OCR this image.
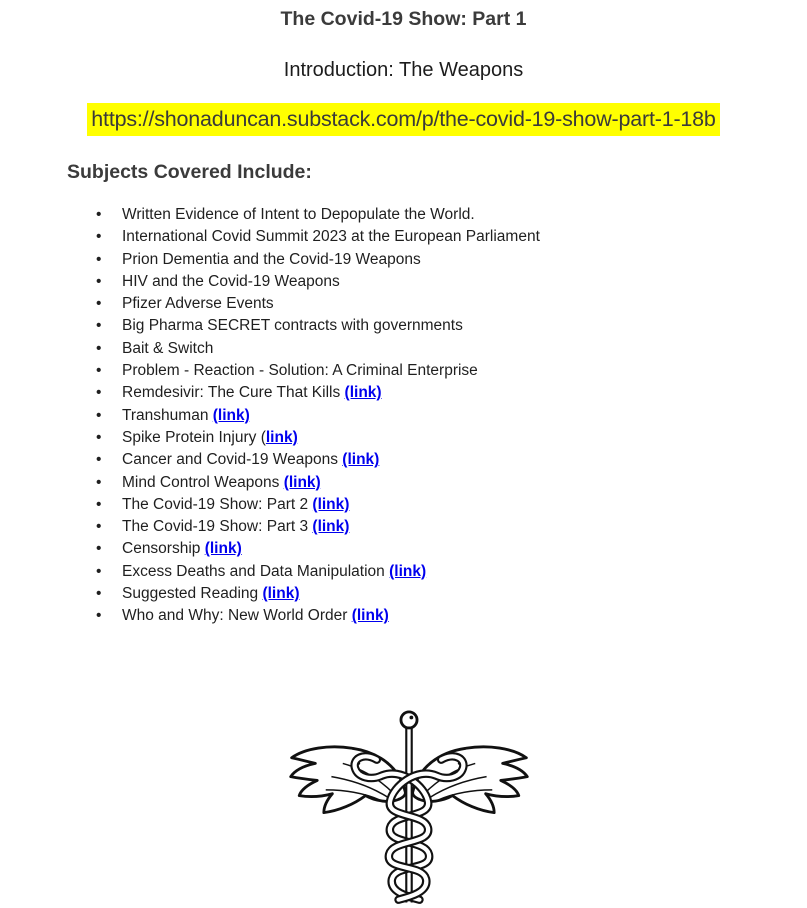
The Covid-19 Show: Part 1
Introduction: The Weapons
https://shonaduncan.substack.com/p/the-covid-19-show-part-1-18b
Subjects Covered Include:
• Written Evidence of Intent to Depopulate the World.
• International Covid Summit 2023 at the European Parliament
• Prion Dementia and the Covid-19 Weapons
• HIV and the Covid-19 Weapons
• Pfizer Adverse Events
• Big Pharma SECRET contracts with governments
• Bait & Switch
• Problem - Reaction - Solution: A Criminal Enterprise
• Remdesivir: The Cure That Kills (link)
• Transhuman (link)
• Spike Protein Injury (link)
• Cancer and Covid-19 Weapons (link)
• Mind Control Weapons (link)
• The Covid-19 Show: Part 2 (link)
• The Covid-19 Show: Part 3 (link)
• Censorship (link)
• Excess Deaths and Data Manipulation (link)
• Suggested Reading (link)
• Who and Why: New World Order (link)
